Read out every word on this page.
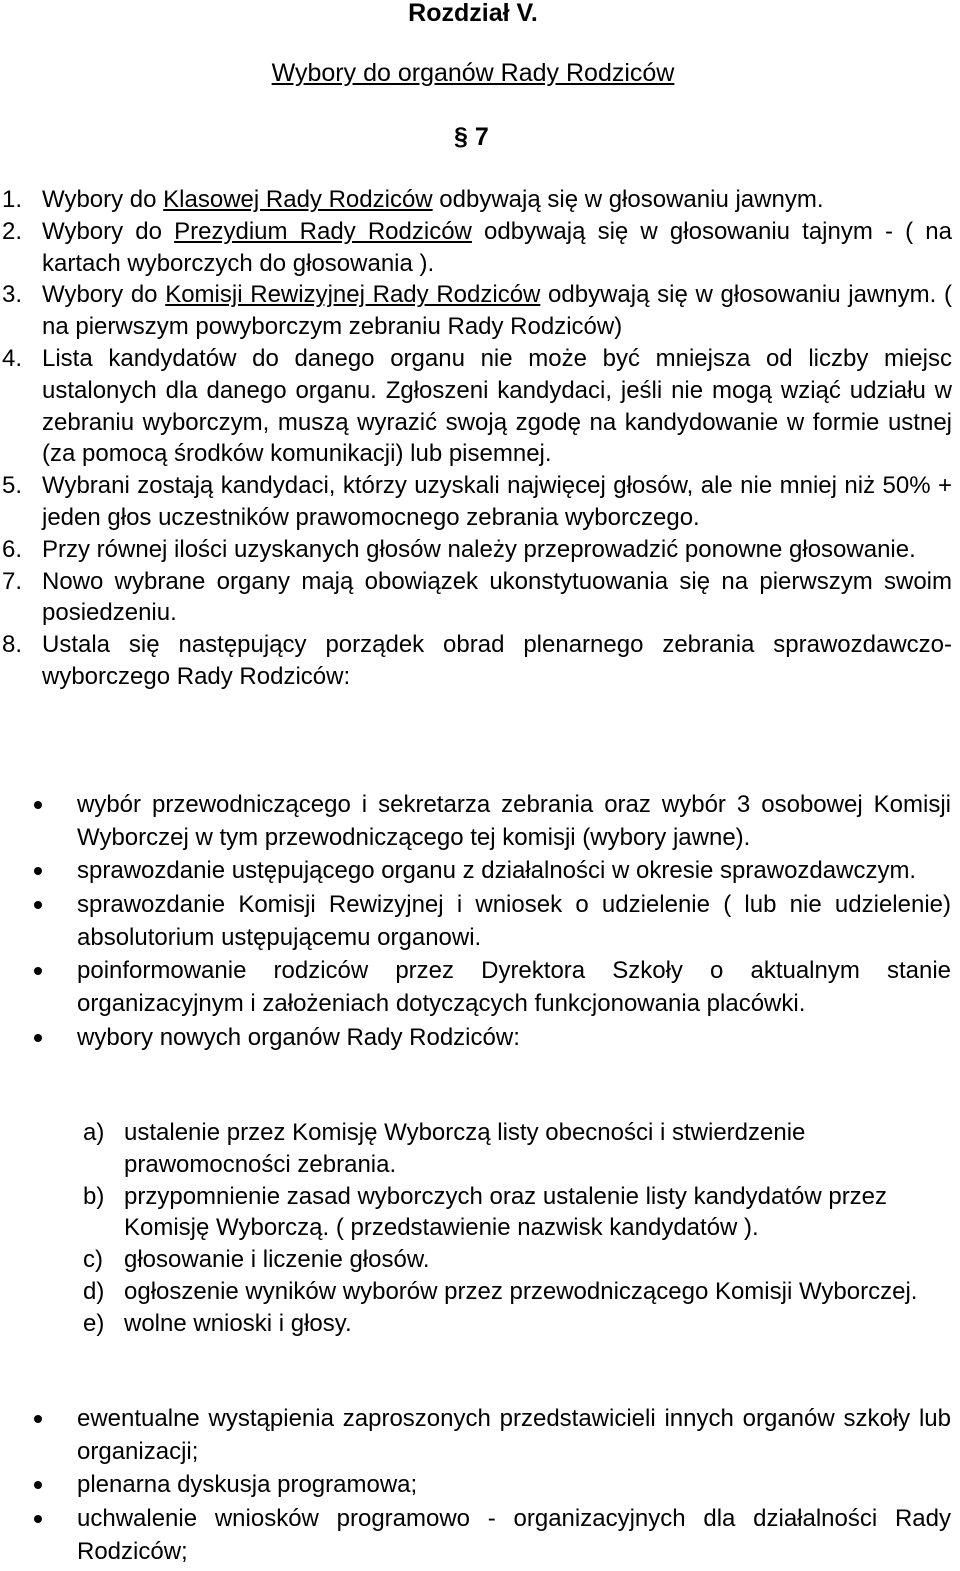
Rozdział V.
Wybory do organów Rady Rodziców
§ 7
1. Wybory do Klasowej Rady Rodziców odbywają się w głosowaniu jawnym.
2. Wybory do Prezydium Rady Rodziców odbywają się w głosowaniu tajnym - ( na kartach wyborczych do głosowania ).
3. Wybory do Komisji Rewizyjnej Rady Rodziców odbywają się w głosowaniu jawnym. ( na pierwszym powyborczym zebraniu Rady Rodziców)
4. Lista kandydatów do danego organu nie może być mniejsza od liczby miejsc ustalonych dla danego organu. Zgłoszeni kandydaci, jeśli nie mogą wziąć udziału w zebraniu wyborczym, muszą wyrazić swoją zgodę na kandydowanie w formie ustnej (za pomocą środków komunikacji) lub pisemnej.
5. Wybrani zostają kandydaci, którzy uzyskali najwięcej głosów, ale nie mniej niż 50% + jeden głos uczestników prawomocnego zebrania wyborczego.
6. Przy równej ilości uzyskanych głosów należy przeprowadzić ponowne głosowanie.
7. Nowo wybrane organy mają obowiązek ukonstytuowania się na pierwszym swoim posiedzeniu.
8. Ustala się następujący porządek obrad plenarnego zebrania sprawozdawczo-wyborczego Rady Rodziców:
wybór przewodniczącego i sekretarza zebrania oraz wybór 3 osobowej Komisji Wyborczej w tym przewodniczącego tej komisji (wybory jawne).
sprawozdanie ustępującego organu z działalności w okresie sprawozdawczym.
sprawozdanie Komisji Rewizyjnej i wniosek o udzielenie ( lub nie udzielenie) absolutorium ustępującemu organowi.
poinformowanie rodziców przez Dyrektora Szkoły o aktualnym stanie organizacyjnym i założeniach dotyczących funkcjonowania placówki.
wybory nowych organów Rady Rodziców:
a) ustalenie przez Komisję Wyborczą listy obecności i stwierdzenie prawomocności zebrania.
b) przypomnienie zasad wyborczych oraz ustalenie listy kandydatów przez Komisję Wyborczą. ( przedstawienie nazwisk kandydatów ).
c) głosowanie i liczenie głosów.
d) ogłoszenie wyników wyborów przez przewodniczącego Komisji Wyborczej.
e) wolne wnioski i głosy.
ewentualne wystąpienia zaproszonych przedstawicieli innych organów szkoły lub organizacji;
plenarna dyskusja programowa;
uchwalenie wniosków programowo - organizacyjnych dla działalności Rady Rodziców;
